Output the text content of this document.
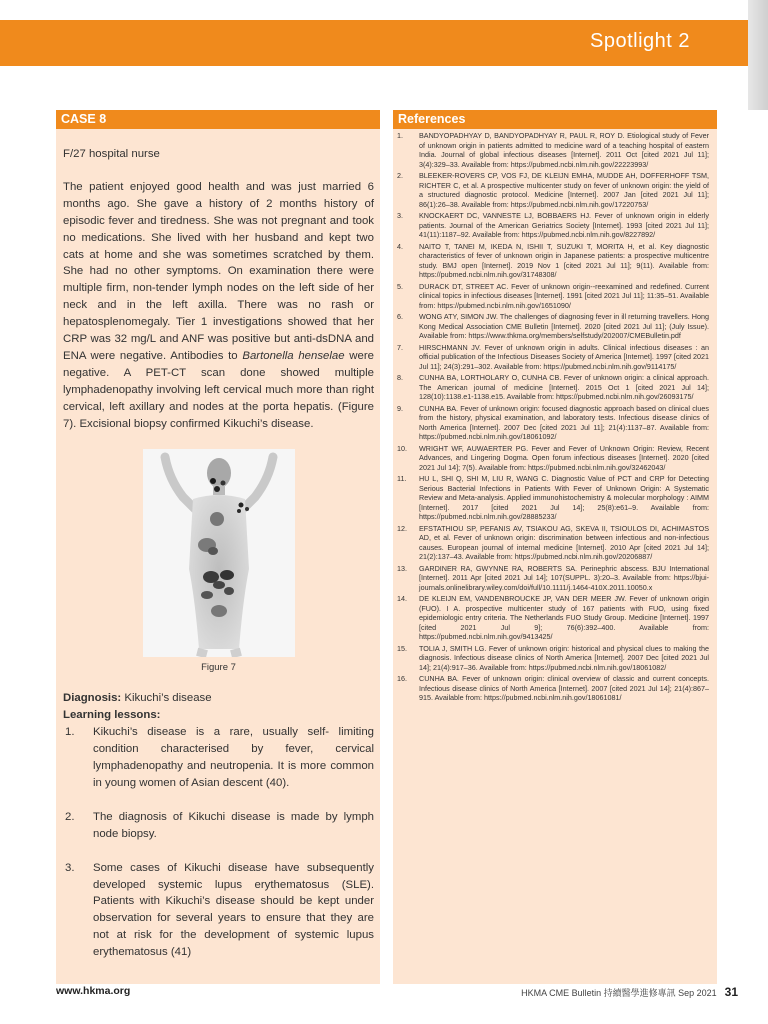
Spotlight 2
CASE 8

F/27 hospital nurse

The patient enjoyed good health and was just married 6 months ago. She gave a history of 2 months history of episodic fever and tiredness. She was not pregnant and took no medications. She lived with her husband and kept two cats at home and she was sometimes scratched by them. She had no other symptoms. On examination there were multiple firm, non-tender lymph nodes on the left side of her neck and in the left axilla. There was no rash or hepatosplenomegaly. Tier 1 investigations showed that her CRP was 32 mg/L and ANF was positive but anti-dsDNA and ENA were negative. Antibodies to Bartonella henselae were negative. A PET-CT scan done showed multiple lymphadenopathy involving left cervical much more than right cervical, left axillary and nodes at the porta hepatis. (Figure 7). Excisional biopsy confirmed Kikuchi’s disease.

Figure 7
Diagnosis: Kikuchi’s disease
Learning lessons:
1. Kikuchi’s disease is a rare, usually self- limiting condition characterised by fever, cervical lymphadenopathy and neutropenia. It is more common in young women of Asian descent (40).
2. The diagnosis of Kikuchi disease is made by lymph node biopsy.
3. Some cases of Kikuchi disease have subsequently developed systemic lupus erythematosus (SLE). Patients with Kikuchi’s disease should be kept under observation for several years to ensure that they are not at risk for the development of systemic lupus erythematosus (41)
References
1. BANDYOPADHYAY D, BANDYOPADHYAY R, PAUL R, ROY D. Etiological study of Fever of unknown origin in patients admitted to medicine ward of a teaching hospital of eastern India. Journal of global infectious diseases [Internet]. 2011 Oct [cited 2021 Jul 11]; 3(4):329–33. Available from: https://pubmed.ncbi.nlm.nih.gov/22223993/
2. BLEEKER-ROVERS CP, VOS FJ, DE KLEIJN EMHA, MUDDE AH, DOFFERHOFF TSM, RICHTER C, et al. A prospective multicenter study on fever of unknown origin: the yield of a structured diagnostic protocol. Medicine [Internet]. 2007 Jan [cited 2021 Jul 11]; 86(1):26–38. Available from: https://pubmed.ncbi.nlm.nih.gov/17220753/
3. KNOCKAERT DC, VANNESTE LJ, BOBBAERS HJ. Fever of unknown origin in elderly patients. Journal of the American Geriatrics Society [Internet]. 1993 [cited 2021 Jul 11]; 41(11):1187–92. Available from: https://pubmed.ncbi.nlm.nih.gov/8227892/
4. NAITO T, TANEI M, IKEDA N, ISHII T, SUZUKI T, MORITA H, et al. Key diagnostic characteristics of fever of unknown origin in Japanese patients: a prospective multicentre study. BMJ open [Internet]. 2019 Nov 1 [cited 2021 Jul 11]; 9(11). Available from: https://pubmed.ncbi.nlm.nih.gov/31748308/
5. DURACK DT, STREET AC. Fever of unknown origin--reexamined and redefined. Current clinical topics in infectious diseases [Internet]. 1991 [cited 2021 Jul 11]; 11:35–51. Available from: https://pubmed.ncbi.nlm.nih.gov/1651090/
6. WONG ATY, SIMON JW. The challenges of diagnosing fever in ill returning travellers. Hong Kong Medical Association CME Bulletin [Internet]. 2020 [cited 2021 Jul 11]; (July Issue). Available from: https://www.thkma.org/members/selfstudy/202007/CMEBulletin.pdf
7. HIRSCHMANN JV. Fever of unknown origin in adults. Clinical infectious diseases : an official publication of the Infectious Diseases Society of America [Internet]. 1997 [cited 2021 Jul 11]; 24(3):291–302. Available from: https://pubmed.ncbi.nlm.nih.gov/9114175/
8. CUNHA BA, LORTHOLARY O, CUNHA CB. Fever of unknown origin: a clinical approach. The American journal of medicine [Internet]. 2015 Oct 1 [cited 2021 Jul 14]; 128(10):1138.e1-1138.e15. Available from: https://pubmed.ncbi.nlm.nih.gov/26093175/
9. CUNHA BA. Fever of unknown origin: focused diagnostic approach based on clinical clues from the history, physical examination, and laboratory tests. Infectious disease clinics of North America [Internet]. 2007 Dec [cited 2021 Jul 11]; 21(4):1137–87. Available from: https://pubmed.ncbi.nlm.nih.gov/18061092/
10. WRIGHT WF, AUWAERTER PG. Fever and Fever of Unknown Origin: Review, Recent Advances, and Lingering Dogma. Open forum infectious diseases [Internet]. 2020 [cited 2021 Jul 14]; 7(5). Available from: https://pubmed.ncbi.nlm.nih.gov/32462043/
11. HU L, SHI Q, SHI M, LIU R, WANG C. Diagnostic Value of PCT and CRP for Detecting Serious Bacterial Infections in Patients With Fever of Unknown Origin: A Systematic Review and Meta-analysis. Applied immunohistochemistry & molecular morphology : AIMM [Internet]. 2017 [cited 2021 Jul 14]; 25(8):e61–9. Available from: https://pubmed.ncbi.nlm.nih.gov/28885233/
12. EFSTATHIOU SP, PEFANIS AV, TSIAKOU AG, SKEVA II, TSIOULOS DI, ACHIMASTOS AD, et al. Fever of unknown origin: discrimination between infectious and non-infectious causes. European journal of internal medicine [Internet]. 2010 Apr [cited 2021 Jul 14]; 21(2):137–43. Available from: https://pubmed.ncbi.nlm.nih.gov/20206887/
13. GARDINER RA, GWYNNE RA, ROBERTS SA. Perinephric abscess. BJU International [Internet]. 2011 Apr [cited 2021 Jul 14]; 107(SUPPL. 3):20–3. Available from: https://bjui-journals.onlinelibrary.wiley.com/doi/full/10.1111/j.1464-410X.2011.10050.x
14. DE KLEIJN EM, VANDENBROUCKE JP, VAN DER MEER JW. Fever of unknown origin (FUO). I A. prospective multicenter study of 167 patients with FUO, using fixed epidemiologic entry criteria. The Netherlands FUO Study Group. Medicine [Internet]. 1997 [cited 2021 Jul 9]; 76(6):392–400. Available from: https://pubmed.ncbi.nlm.nih.gov/9413425/
15. TOLIA J, SMITH LG. Fever of unknown origin: historical and physical clues to making the diagnosis. Infectious disease clinics of North America [Internet]. 2007 Dec [cited 2021 Jul 14]; 21(4):917–36. Available from: https://pubmed.ncbi.nlm.nih.gov/18061082/
16. CUNHA BA. Fever of unknown origin: clinical overview of classic and current concepts. Infectious disease clinics of North America [Internet]. 2007 [cited 2021 Jul 14]; 21(4):867–915. Available from: https://pubmed.ncbi.nlm.nih.gov/18061081/
www.hkma.org	HKMA CME Bulletin 持續醫學進修專訊 Sep 2021 31
